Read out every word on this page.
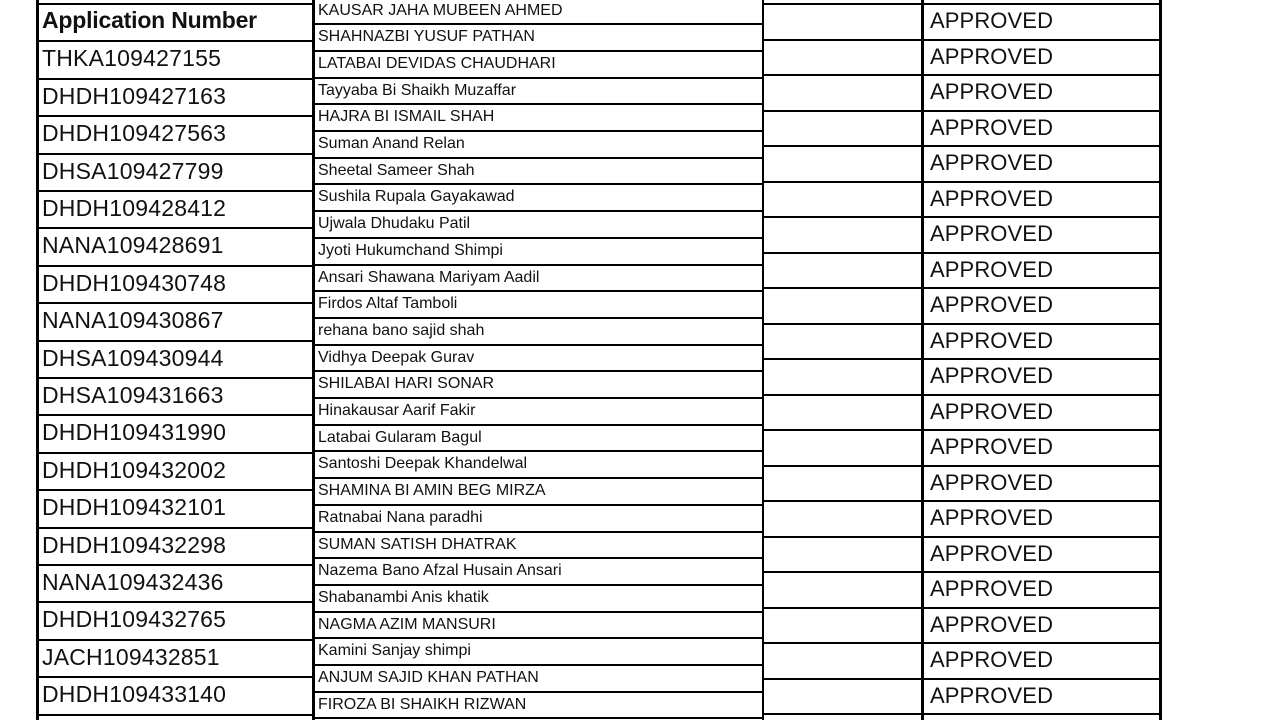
Application Number
THKA109427155
DHDH109427163
DHDH109427563
DHSA109427799
DHDH109428412
NANA109428691
DHDH109430748
NANA109430867
DHSA109430944
DHSA109431663
DHDH109431990
DHDH109432002
DHDH109432101
DHDH109432298
NANA109432436
DHDH109432765
JACH109432851
DHDH109433140
KAUSAR JAHA MUBEEN AHMED
SHAHNAZBI YUSUF PATHAN
LATABAI DEVIDAS CHAUDHARI
Tayyaba Bi Shaikh Muzaffar
HAJRA BI ISMAIL SHAH
Suman Anand Relan
Sheetal Sameer Shah
Sushila Rupala Gayakawad
Ujwala Dhudaku Patil
Jyoti Hukumchand Shimpi
Ansari Shawana Mariyam Aadil
Firdos Altaf Tamboli
rehana bano sajid shah
Vidhya Deepak Gurav
SHILABAI HARI SONAR
Hinakausar Aarif Fakir
Latabai Gularam Bagul
Santoshi Deepak Khandelwal
SHAMINA BI AMIN BEG MIRZA
Ratnabai Nana paradhi
SUMAN SATISH DHATRAK
Nazema Bano Afzal Husain Ansari
Shabanambi Anis khatik
NAGMA AZIM MANSURI
Kamini Sanjay shimpi
ANJUM SAJID KHAN PATHAN
FIROZA BI SHAIKH RIZWAN
APPROVED
APPROVED
APPROVED
APPROVED
APPROVED
APPROVED
APPROVED
APPROVED
APPROVED
APPROVED
APPROVED
APPROVED
APPROVED
APPROVED
APPROVED
APPROVED
APPROVED
APPROVED
APPROVED
APPROVED
